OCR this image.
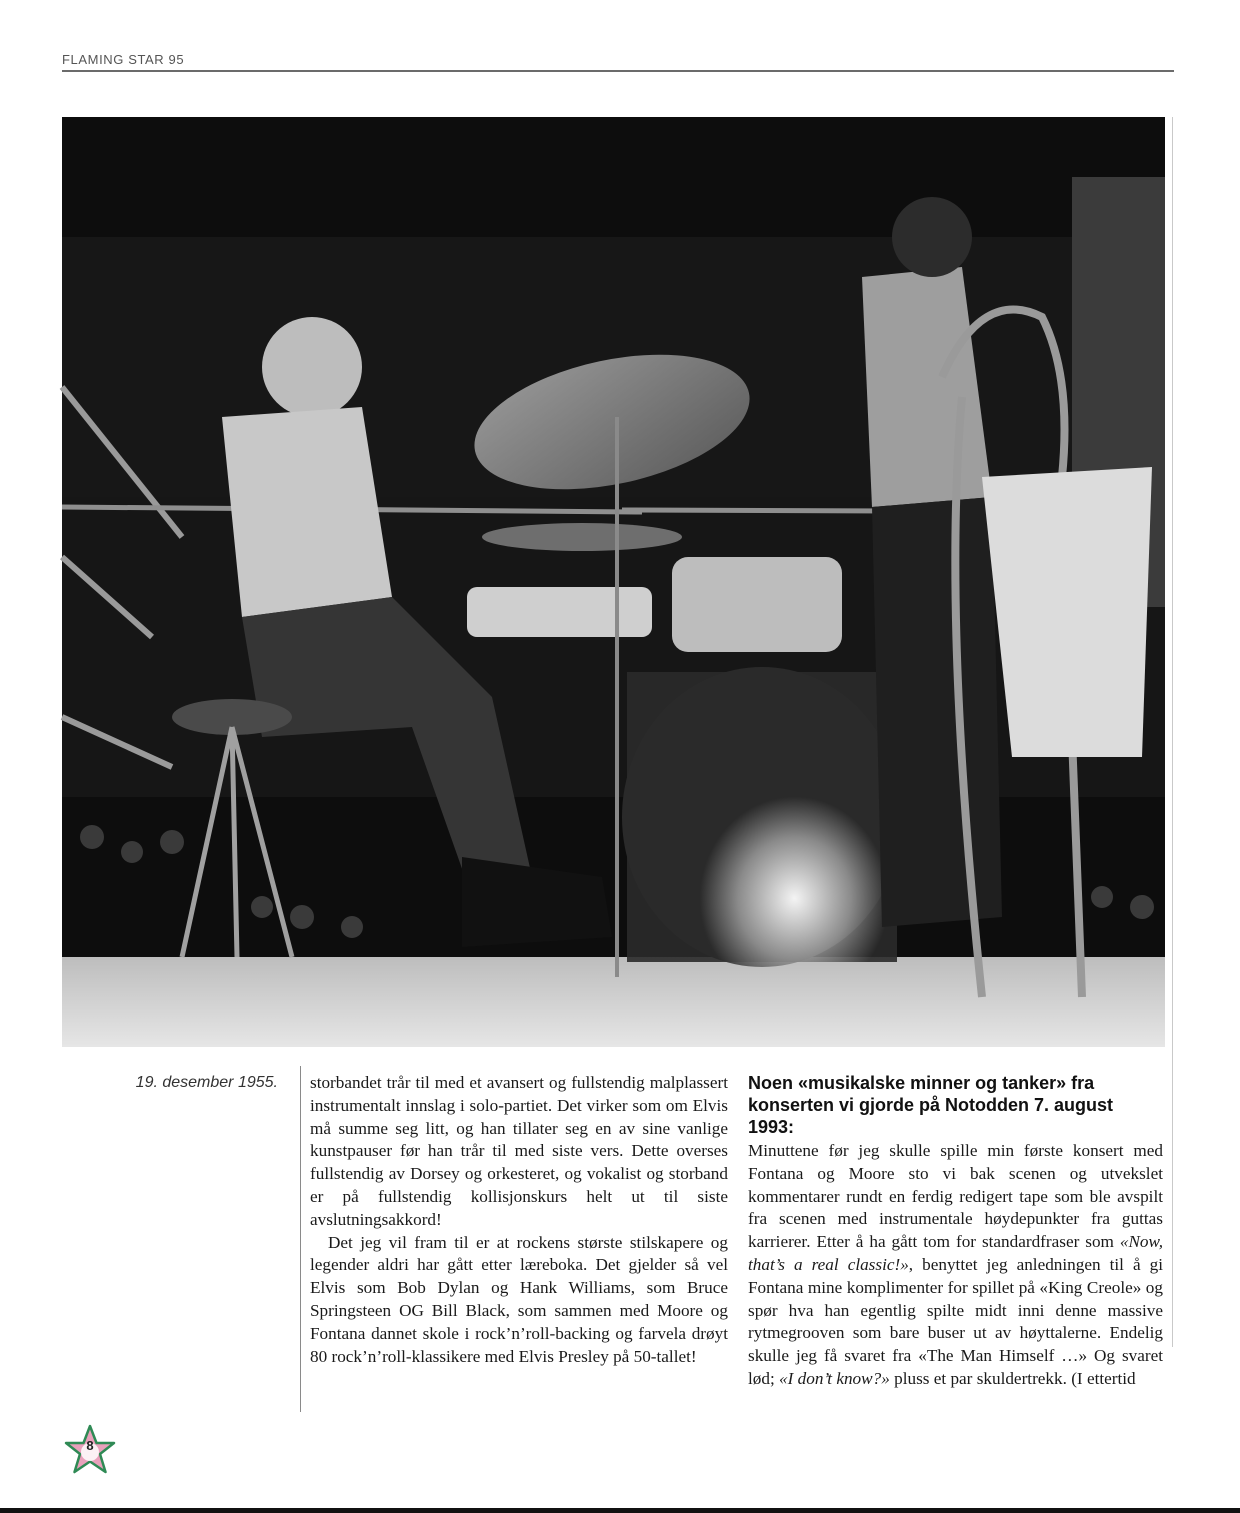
FLAMING STAR 95
19. desember 1955. storbandet trår til med et avansert og fullstendig malplassert instrumentalt innslag i solo-partiet. Det virker som om Elvis må summe seg litt, og han tillater seg en av sine vanlige kunstpauser før han trår til med siste vers. Dette overses fullstendig av Dorsey og orkesteret, og vokalist og storband er på fullstendig kollisjonskurs helt ut til siste avslutningsakkord!

Det jeg vil fram til er at rockens største stilskapere og legender aldri har gått etter læreboka. Det gjelder så vel Elvis som Bob Dylan og Hank Williams, som Bruce Springsteen OG Bill Black, som sammen med Moore og Fontana dannet skole i rock’n’roll-backing og farvela drøyt 80 rock’n’roll-klassikere med Elvis Presley på 50-tallet!

Noen «musikalske minner og tanker» fra konserten vi gjorde på Notodden 7. august 1993:
Minuttene før jeg skulle spille min første konsert med Fontana og Moore sto vi bak scenen og utvekslet kommentarer rundt en ferdig redigert tape som ble avspilt fra scenen med instrumentale høydepunkter fra guttas karrierer. Etter å ha gått tom for standardfraser som «Now, that’s a real classic!», benyttet jeg anledningen til å gi Fontana mine komplimenter for spillet på «King Creole» og spør hva han egentlig spilte midt inni denne massive rytmegrooven som bare buser ut av høyttalerne. Endelig skulle jeg få svaret fra «The Man Himself …» Og svaret lød; «I don’t know?» pluss et par skuldertrekk. (I ettertid
8
